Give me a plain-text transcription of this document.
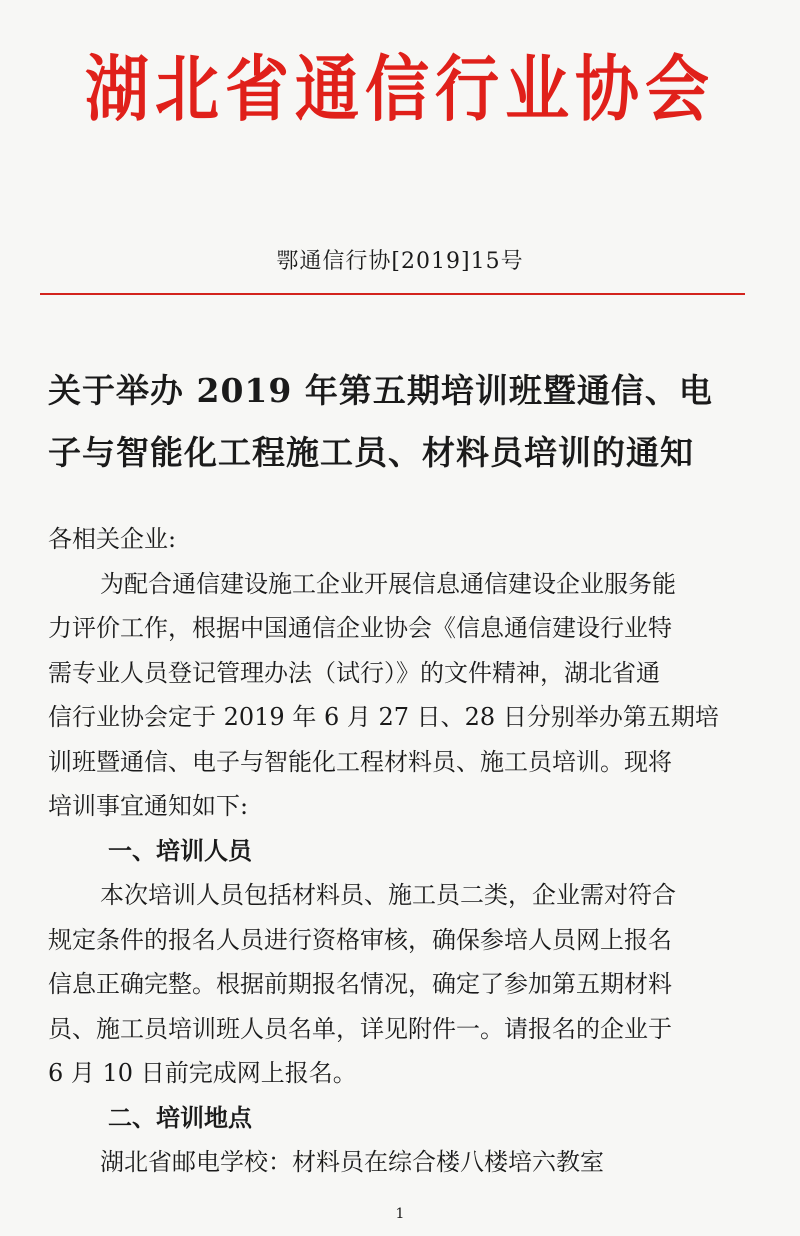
湖北省通信行业协会
鄂通信行协[2019]15号
关于举办 2019 年第五期培训班暨通信、电
子与智能化工程施工员、材料员培训的通知

各相关企业:

为配合通信建设施工企业开展信息通信建设企业服务能

力评价工作，根据中国通信企业协会《信息通信建设行业特

需专业人员登记管理办法（试行）》的文件精神，湖北省通

信行业协会定于 2019 年 6 月 27 日、28 日分别举办第五期培

训班暨通信、电子与智能化工程材料员、施工员培训。现将

培训事宜通知如下:

一、培训人员

本次培训人员包括材料员、施工员二类，企业需对符合

规定条件的报名人员进行资格审核，确保参培人员网上报名

信息正确完整。根据前期报名情况，确定了参加第五期材料

员、施工员培训班人员名单，详见附件一。请报名的企业于

6 月 10 日前完成网上报名。

二、培训地点

湖北省邮电学校：材料员在综合楼八楼培六教室

1
